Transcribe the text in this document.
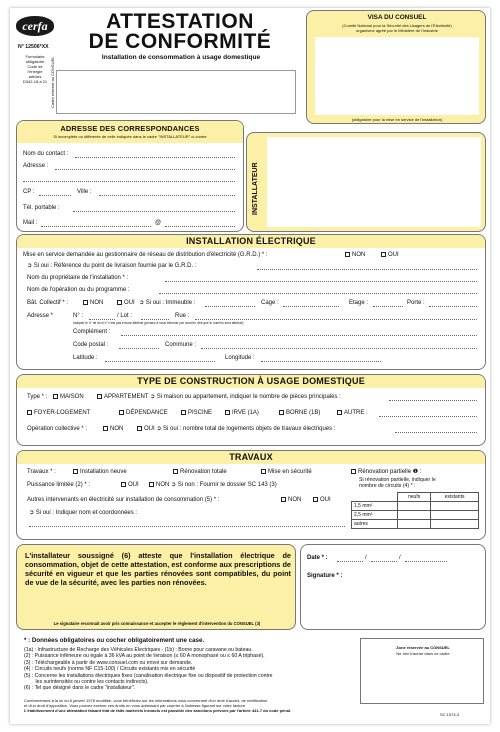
cerfa
N° 12506*XX
Formulaire
obligatoire
Code de
l'énergie
articles
D342-18 à 21 Cadre réservé au CONSUEL
ATTESTATION
DE CONFORMITÉ
Installation de consommation à usage domestique
VISA DU CONSUEL
(Comité National pour la Sécurité des Usagers de l'Électricité)
organisme agréé par le Ministère de l'industrie
(obligatoire pour la mise en service de l'installation)
ADRESSE DES CORRESPONDANCES
Si incomplète ou différente de celle indiquée dans le cadre "INSTALLATEUR" ci-contre
Nom du contact :
Adresse :
CP :	Ville :
Tél. portable :
Mail :	@
INSTALLATEUR
INSTALLATION ÉLECTRIQUE
Mise en service demandée au gestionnaire de réseau de distribution d'électricité (G.R.D.) * :	NON	OUI
➲ Si oui : Référence du point de livraison fournie par le G.R.D. :
Nom du propriétaire de l'installation * :
Nom de l'opération ou du programme :
Bât. Collectif * :	NON	OUI ➲ Si oui : Immeuble :	Cage :	Etage :	Porte :
Adresse *	N° :	/ Lot :	Rue :
Indiquer le n° de lot si n° n'est pas encore attribué (pensez à nous informer par courrier, dès que le numéro sera attribué)
Complément :
Code postal :	Commune :
Latitude :	Longitude :
TYPE DE CONSTRUCTION À USAGE DOMESTIQUE
Type * :	MAISON	APPARTEMENT ➲ Si maison ou appartement, indiquer le nombre de pièces principales :
FOYER-LOGEMENT	DÉPENDANCE	PISCINE	IRVE (1A)	BORNE (1B)	AUTRE :
Opération collective * :	NON	OUI ➲ Si oui : nombre total de logements objets de travaux électriques :
TRAVAUX
Travaux * :	Installation neuve	Rénovation totale	Mise en sécurité	Rénovation partielle ❶ :
Si rénovation partielle, indiquer le
nombre de circuits (4) * :
Puissance limitée (2) * :	OUI	NON ➲ Si non : Fournir le dossier SC 143 (3)
Autres intervenants en électricité sur installation de consommation (5) * :	NON	OUI
➲ Si oui : Indiquer nom et coordonnées :
	neufs	existants
1,5 mm²		
2,5 mm²		
autres		
L'installateur soussigné (6) atteste que l'installation électrique de consommation, objet de cette attestation, est conforme aux prescriptions de sécurité en vigueur et que les parties rénovées sont compatibles, du point de vue de la sécurité, avec les parties non rénovées.
Le signataire reconnait avoir pris connaissance et accepter le règlement d'intervention du CONSUEL (3)
Date * :	/	/
Signature * :
* : Données obligatoires ou cocher obligatoirement une case.
(1a) : Infrastructure de Recharge des Véhicules Electriques - (1b) : Borne pour caravane ou bateau.
(2) : Puissance inférieure ou égale à 36 kVA au point de livraison (≤ 60 A monophasé ou ≤ 60 A triphasé).
(3) : Téléchargeable à partir de www.consuel.com ou envoi sur demande.
(4) : Circuits neufs (norme NF C15-100) / Circuits existants mis en sécurité
(5) : Concerne les installations électriques fixes (canalisation électrique fixe ou dispositif de protection contre
les surintensités ou contre les contacts indirects).
(6) : Tel que désigné dans le cadre "installateur".
Conformément à la loi du 6 janvier 1978 modifiée, vous bénéficiez sur les informations vous concernant d'un droit d'accès, de rectification
et d'un droit d'opposition. Vous pouvez exercer ces droits en vous adressant par courrier à l'adresse figurant sur votre facture.
L'établissement d'une attestation faisant état de faits matériels inexacts est passible des sanctions prévues par l'article 441-7 du code pénal.
Zone réservée au CONSUEL
Ne rien inscrire dans ce cadre
SC 1574-3
